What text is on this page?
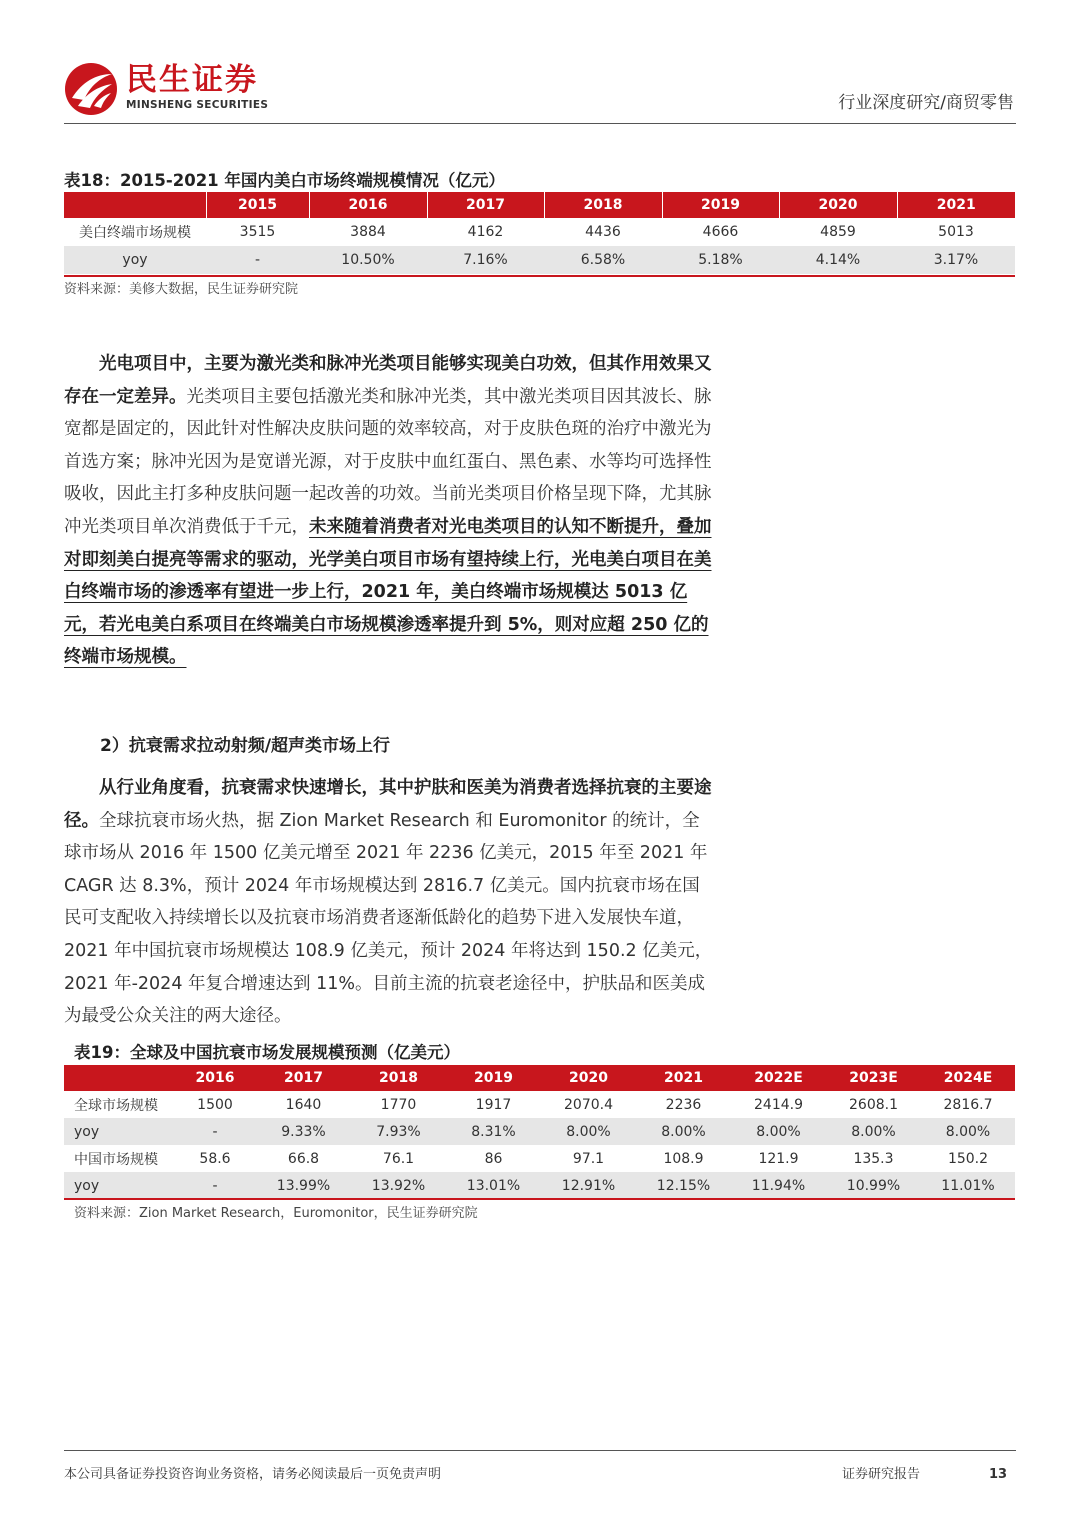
民生证券
MINSHENG SECURITIES	行业深度研究/商贸零售
表18：2015-2021 年国内美白市场终端规模情况（亿元）
	2015	2016	2017	2018	2019	2020	2021
美白终端市场规模	3515	3884	4162	4436	4666	4859	5013
yoy	-	10.50%	7.16%	6.58%	5.18%	4.14%	3.17%
资料来源：美修大数据，民生证券研究院

光电项目中，主要为激光类和脉冲光类项目能够实现美白功效，但其作用效果又存在一定差异。光类项目主要包括激光类和脉冲光类，其中激光类项目因其波长、脉宽都是固定的，因此针对性解决皮肤问题的效率较高，对于皮肤色斑的治疗中激光为首选方案；脉冲光因为是宽谱光源，对于皮肤中血红蛋白、黑色素、水等均可选择性吸收，因此主打多种皮肤问题一起改善的功效。当前光类项目价格呈现下降，尤其脉冲光类项目单次消费低于千元，未来随着消费者对光电类项目的认知不断提升，叠加对即刻美白提亮等需求的驱动，光学美白项目市场有望持续上行，光电美白项目在美白终端市场的渗透率有望进一步上行，2021 年，美白终端市场规模达 5013 亿元，若光电美白系项目在终端美白市场规模渗透率提升到 5%，则对应超 250 亿的终端市场规模。

2）抗衰需求拉动射频/超声类市场上行

从行业角度看，抗衰需求快速增长，其中护肤和医美为消费者选择抗衰的主要途径。全球抗衰市场火热，据 Zion Market Research 和 Euromonitor 的统计，全球市场从 2016 年 1500 亿美元增至 2021 年 2236 亿美元，2015 年至 2021 年 CAGR 达 8.3%，预计 2024 年市场规模达到 2816.7 亿美元。国内抗衰市场在国民可支配收入持续增长以及抗衰市场消费者逐渐低龄化的趋势下进入发展快车道，2021 年中国抗衰市场规模达 108.9 亿美元，预计 2024 年将达到 150.2 亿美元，2021 年-2024 年复合增速达到 11%。目前主流的抗衰老途径中，护肤品和医美成为最受公众关注的两大途径。

表19：全球及中国抗衰市场发展规模预测（亿美元）
	2016	2017	2018	2019	2020	2021	2022E	2023E	2024E
全球市场规模	1500	1640	1770	1917	2070.4	2236	2414.9	2608.1	2816.7
yoy	-	9.33%	7.93%	8.31%	8.00%	8.00%	8.00%	8.00%	8.00%
中国市场规模	58.6	66.8	76.1	86	97.1	108.9	121.9	135.3	150.2
yoy	-	13.99%	13.92%	13.01%	12.91%	12.15%	11.94%	10.99%	11.01%
资料来源：Zion Market Research，Euromonitor，民生证券研究院
本公司具备证券投资咨询业务资格，请务必阅读最后一页免责声明	证券研究报告	13
